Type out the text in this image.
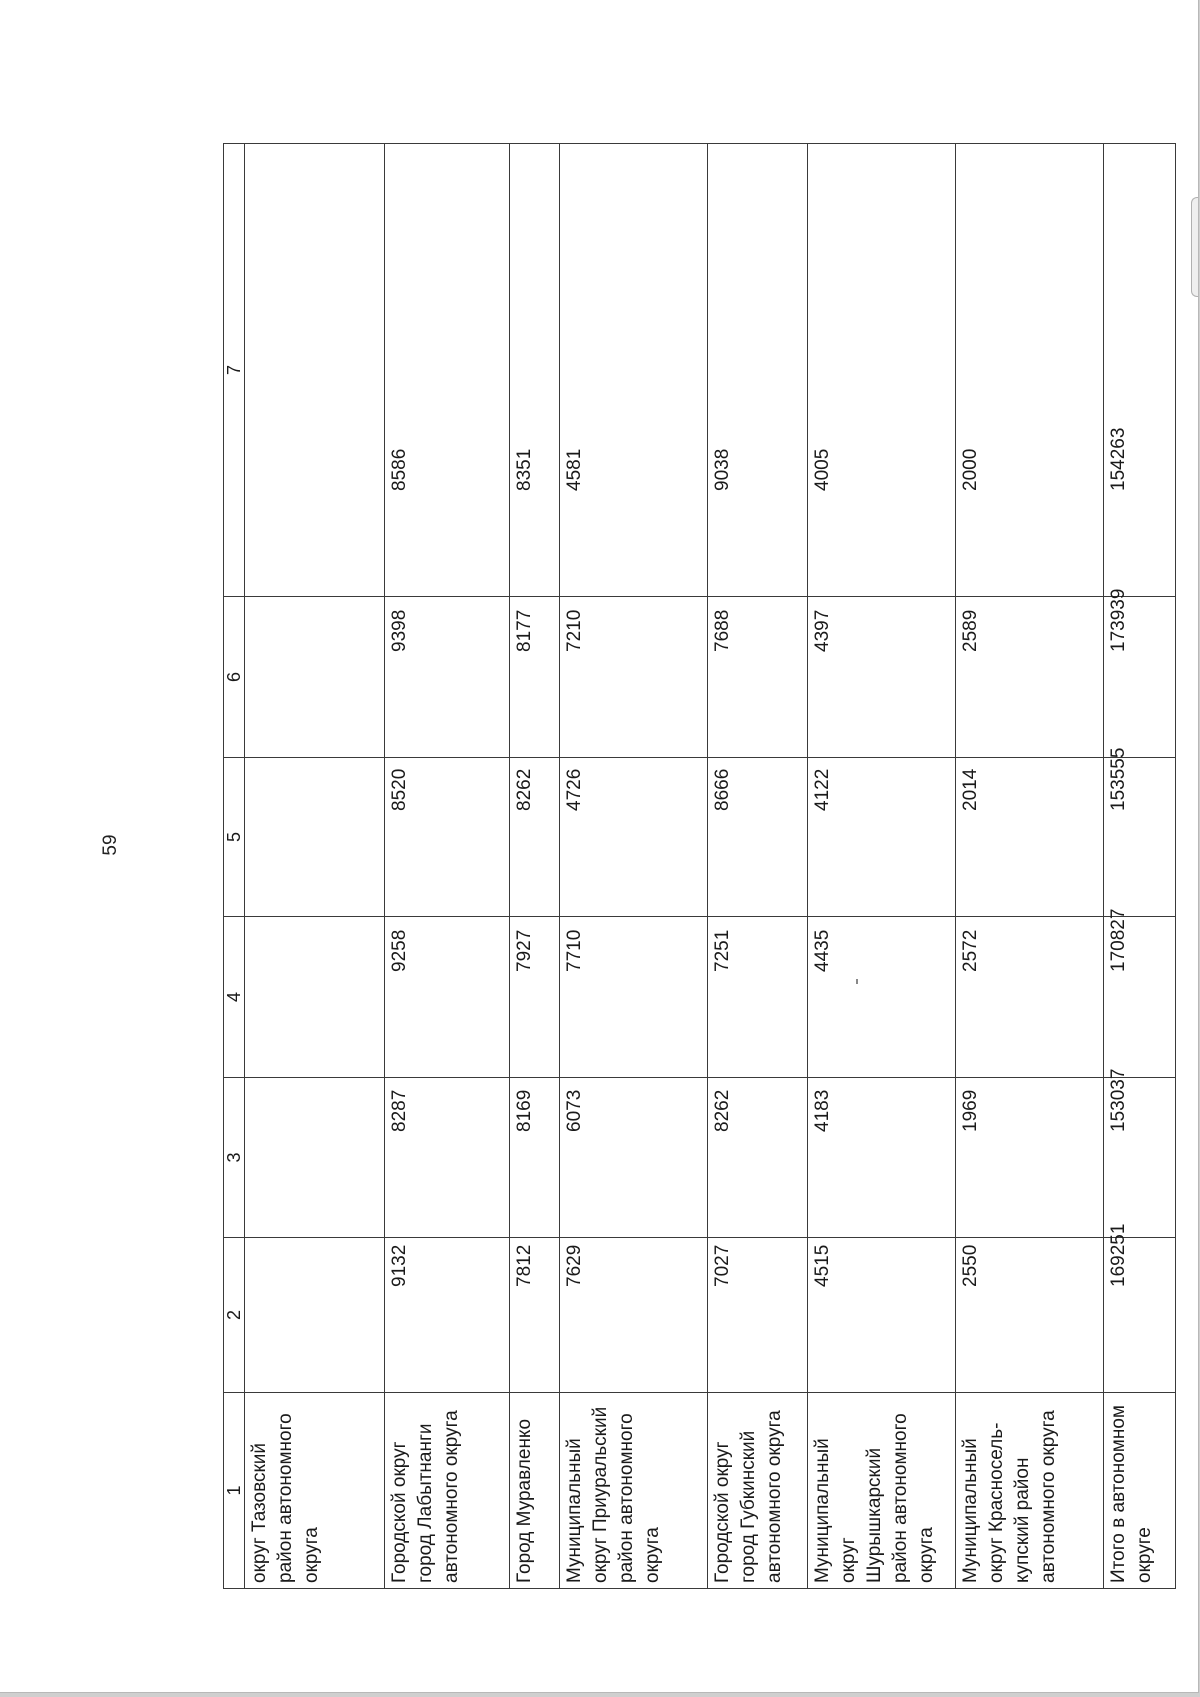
59
1	2	3	4	5	6	7
округ Тазовский район автономного округа						
Городской округ город Лабытнанги автономного округа	9132	8287	9258	8520	9398	8586
Город Муравленко	7812	8169	7927	8262	8177	8351
Муниципальный округ Приуральский район автономного округа	7629	6073	7710	4726	7210	4581
Городской округ город Губкинский автономного округа	7027	8262	7251	8666	7688	9038
Муниципальный округ Шурышкарский район автономного округа	4515	4183	4435	4122	4397	4005
Муниципальный округ Красносель-купский район автономного округа	2550	1969	2572	2014	2589	2000
Итого в автономном округе	169251	153037	170827	153555	173939	154263
